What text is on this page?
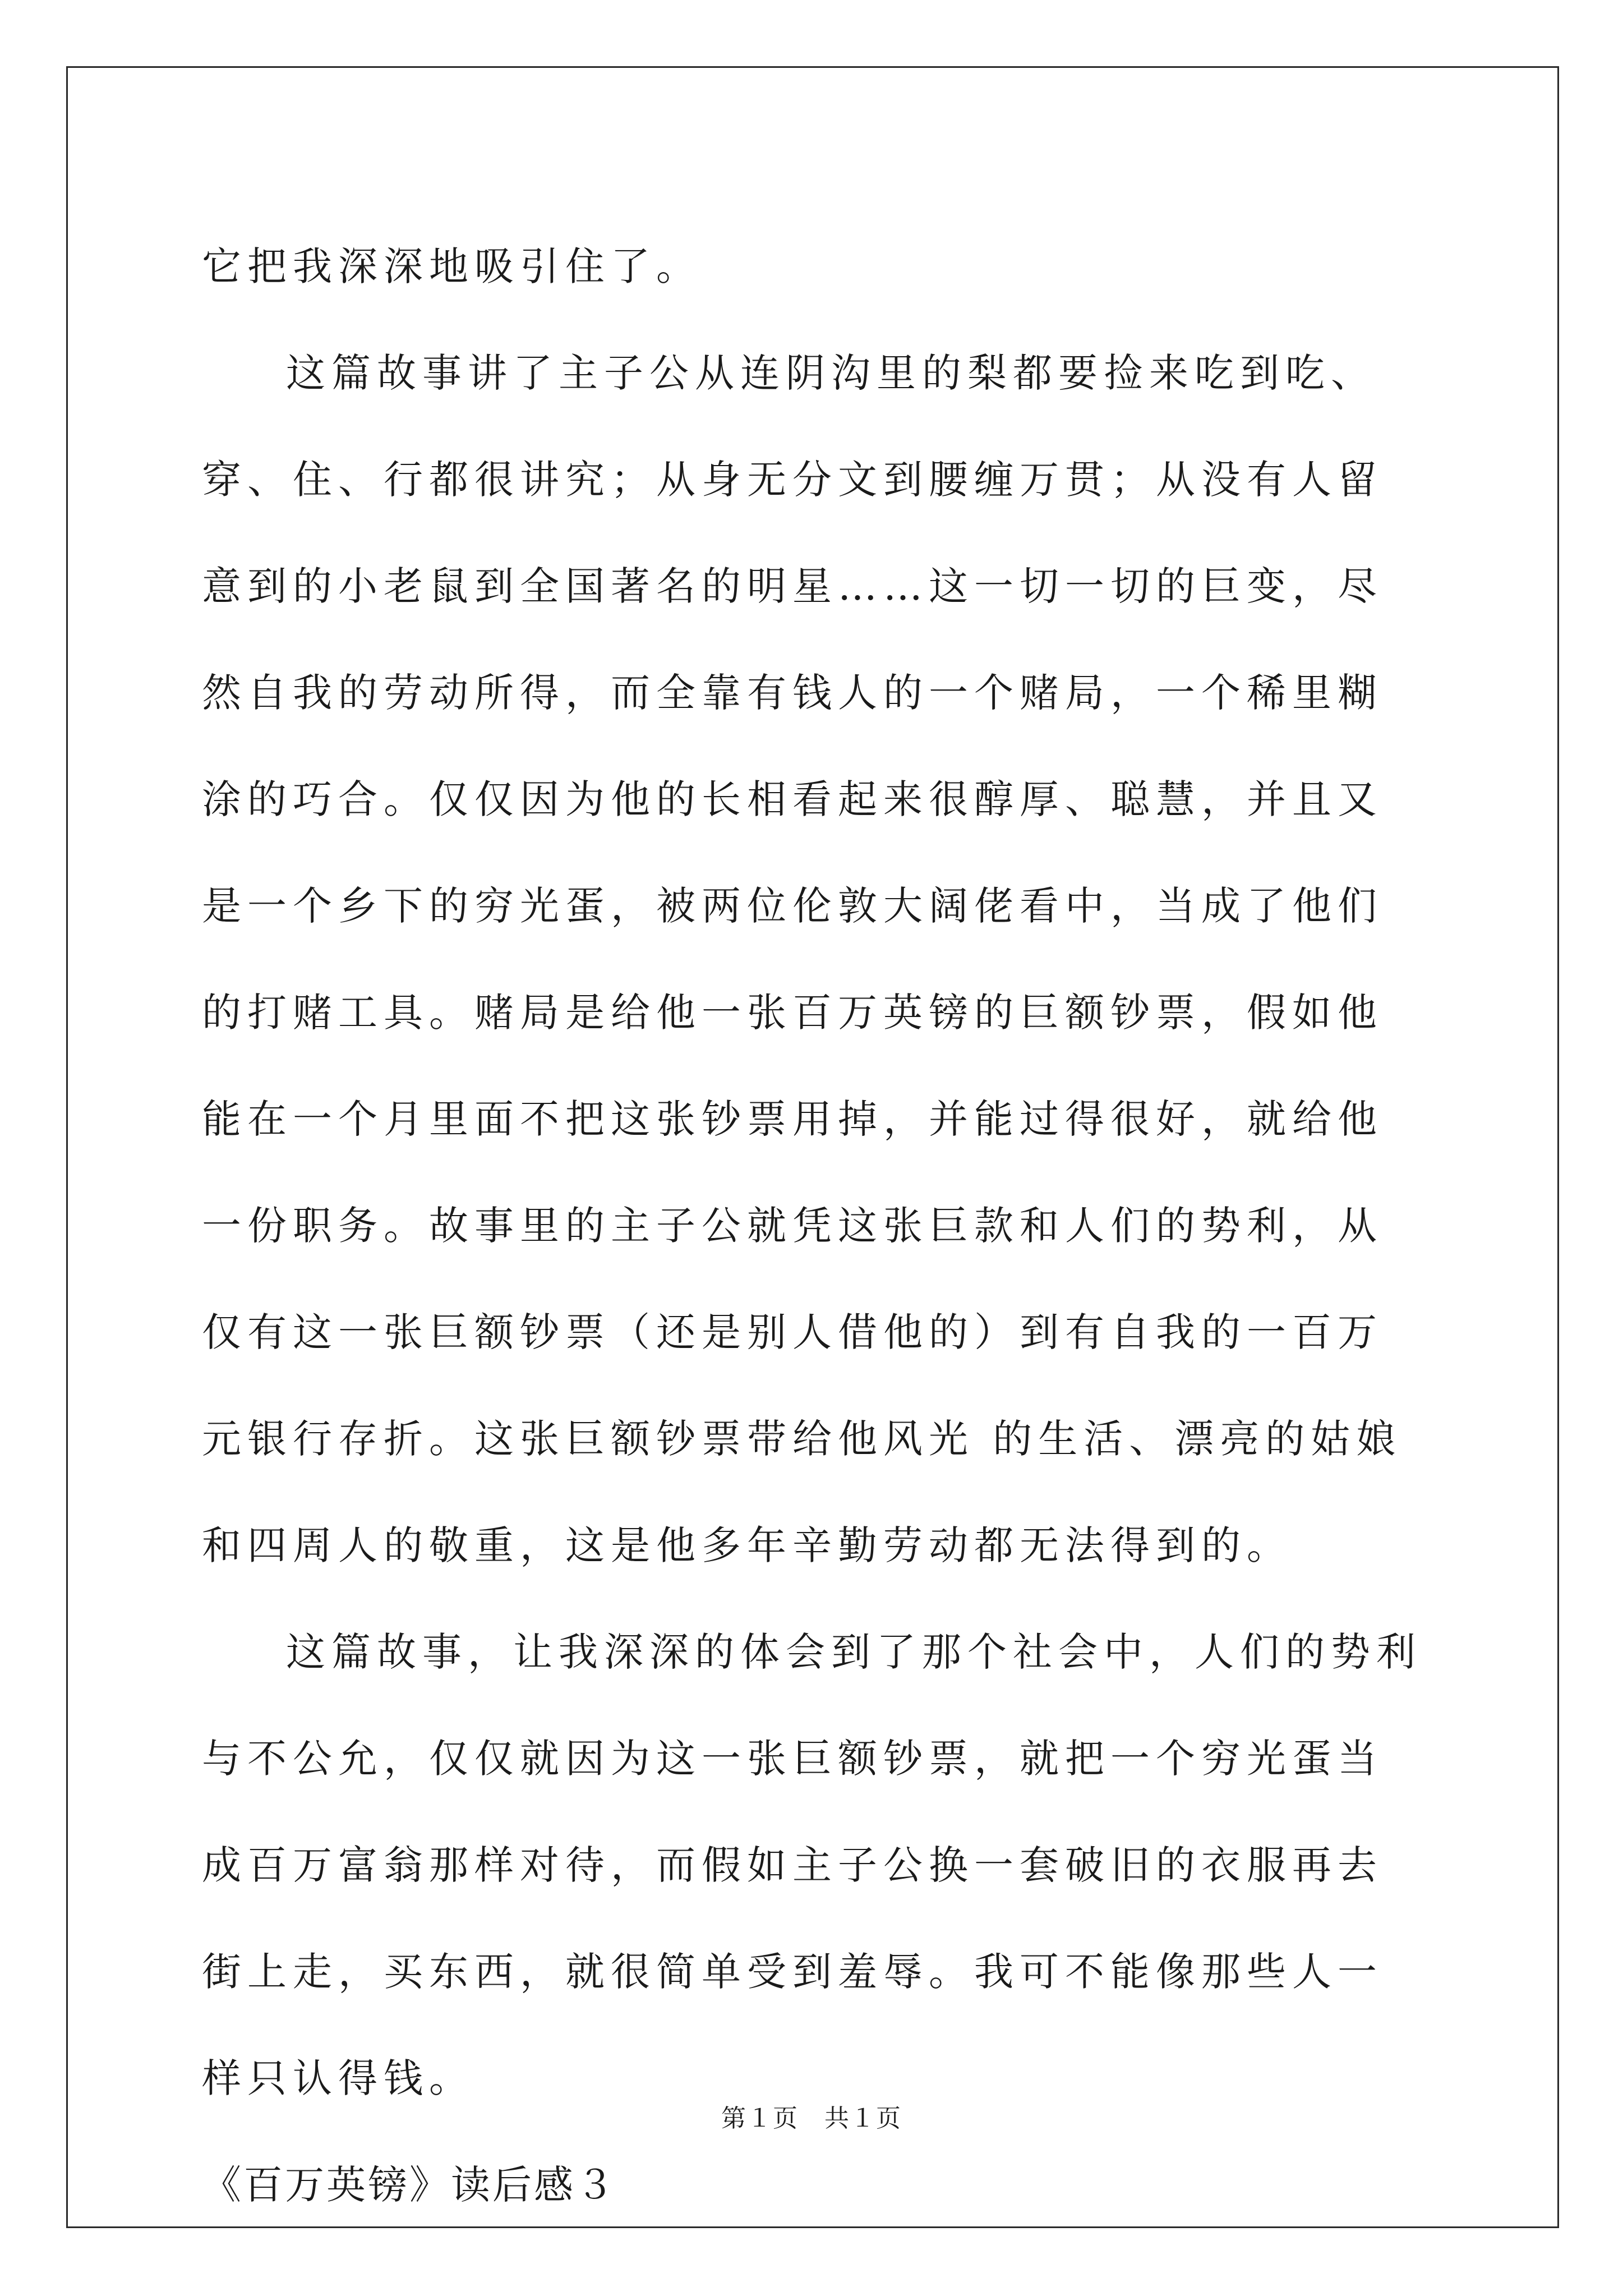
它把我深深地吸引住了。

这篇故事讲了主子公从连阴沟里的梨都要捡来吃到吃、穿、住、行都很讲究；从身无分文到腰缠万贯；从没有人留意到的小老鼠到全国著名的明星……这一切一切的巨变，尽然自我的劳动所得，而全靠有钱人的一个赌局，一个稀里糊涂的巧合。仅仅因为他的长相看起来很醇厚、聪慧，并且又是一个乡下的穷光蛋，被两位伦敦大阔佬看中，当成了他们的打赌工具。赌局是给他一张百万英镑的巨额钞票，假如他能在一个月里面不把这张钞票用掉，并能过得很好，就给他一份职务。故事里的主子公就凭这张巨款和人们的势利，从仅有这一张巨额钞票（还是别人借他的）到有自我的一百万元银行存折。这张巨额钞票带给他风光 的生活、漂亮的姑娘和四周人的敬重，这是他多年辛勤劳动都无法得到的。

这篇故事，让我深深的体会到了那个社会中，人们的势利与不公允，仅仅就因为这一张巨额钞票，就把一个穷光蛋当成百万富翁那样对待，而假如主子公换一套破旧的衣服再去街上走，买东西，就很简单受到羞辱。我可不能像那些人一样只认得钱。

《百万英镑》读后感３

第１页　共１页
